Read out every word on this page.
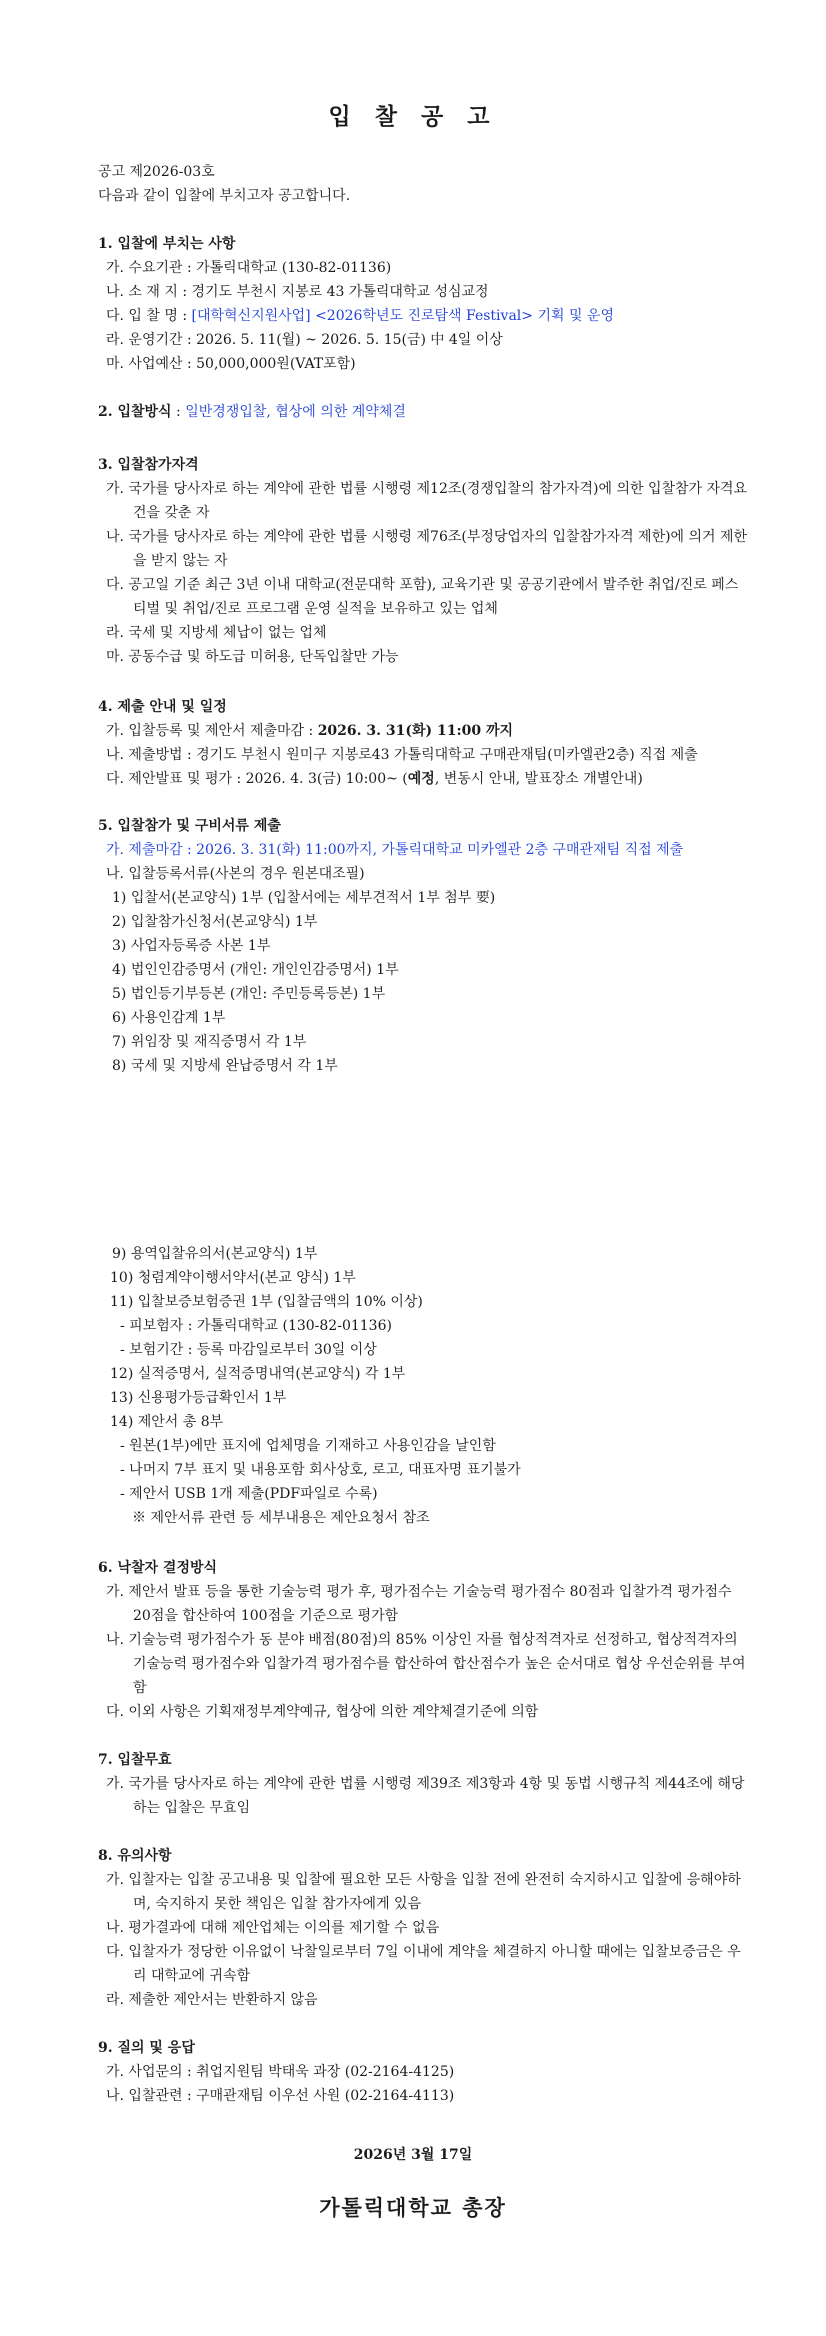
입 찰 공 고
공고 제2026-03호
다음과 같이 입찰에 부치고자 공고합니다.
1. 입찰에 부치는 사항
가. 수요기관 : 가톨릭대학교 (130-82-01136)
나. 소 재 지 : 경기도 부천시 지봉로 43 가톨릭대학교 성심교정
다. 입 찰 명 : [대학혁신지원사업] <2026학년도 진로탐색 Festival> 기획 및 운영
라. 운영기간 : 2026. 5. 11(월) ~ 2026. 5. 15(금) 中 4일 이상
마. 사업예산 : 50,000,000원(VAT포함)
2. 입찰방식 : 일반경쟁입찰, 협상에 의한 계약체결
3. 입찰참가자격
가. 국가를 당사자로 하는 계약에 관한 법률 시행령 제12조(경쟁입찰의 참가자격)에 의한 입찰참가 자격요건을 갖춘 자
나. 국가를 당사자로 하는 계약에 관한 법률 시행령 제76조(부정당업자의 입찰참가자격 제한)에 의거 제한을 받지 않는 자
다. 공고일 기준 최근 3년 이내 대학교(전문대학 포함), 교육기관 및 공공기관에서 발주한 취업/진로 페스티벌 및 취업/진로 프로그램 운영 실적을 보유하고 있는 업체
라. 국세 및 지방세 체납이 없는 업체
마. 공동수급 및 하도급 미허용, 단독입찰만 가능
4. 제출 안내 및 일정
가. 입찰등록 및 제안서 제출마감 : 2026. 3. 31(화) 11:00 까지
나. 제출방법 : 경기도 부천시 원미구 지봉로43 가톨릭대학교 구매관재팀(미카엘관2층) 직접 제출
다. 제안발표 및 평가 : 2026. 4. 3(금) 10:00~ (예정, 변동시 안내, 발표장소 개별안내)
5. 입찰참가 및 구비서류 제출
가. 제출마감 : 2026. 3. 31(화) 11:00까지, 가톨릭대학교 미카엘관 2층 구매관재팀 직접 제출
나. 입찰등록서류(사본의 경우 원본대조필)
1) 입찰서(본교양식) 1부 (입찰서에는 세부견적서 1부 첨부 要)
2) 입찰참가신청서(본교양식) 1부
3) 사업자등록증 사본 1부
4) 법인인감증명서 (개인: 개인인감증명서) 1부
5) 법인등기부등본 (개인: 주민등록등본) 1부
6) 사용인감계 1부
7) 위임장 및 재직증명서 각 1부
8) 국세 및 지방세 완납증명서 각 1부
9) 용역입찰유의서(본교양식) 1부
10) 청렴계약이행서약서(본교 양식) 1부
11) 입찰보증보험증권 1부 (입찰금액의 10% 이상)
- 피보험자 : 가톨릭대학교 (130-82-01136)
- 보험기간 : 등록 마감일로부터 30일 이상
12) 실적증명서, 실적증명내역(본교양식) 각 1부
13) 신용평가등급확인서 1부
14) 제안서 총 8부
- 원본(1부)에만 표지에 업체명을 기재하고 사용인감을 날인함
- 나머지 7부 표지 및 내용포함 회사상호, 로고, 대표자명 표기불가
- 제안서 USB 1개 제출(PDF파일로 수록)
※ 제안서류 관련 등 세부내용은 제안요청서 참조
6. 낙찰자 결정방식
가. 제안서 발표 등을 통한 기술능력 평가 후, 평가점수는 기술능력 평가점수 80점과 입찰가격 평가점수 20점을 합산하여 100점을 기준으로 평가함
나. 기술능력 평가점수가 동 분야 배점(80점)의 85% 이상인 자를 협상적격자로 선정하고, 협상적격자의 기술능력 평가점수와 입찰가격 평가점수를 합산하여 합산점수가 높은 순서대로 협상 우선순위를 부여함
다. 이외 사항은 기획재정부계약예규, 협상에 의한 계약체결기준에 의함
7. 입찰무효
가. 국가를 당사자로 하는 계약에 관한 법률 시행령 제39조 제3항과 4항 및 동법 시행규칙 제44조에 해당하는 입찰은 무효임
8. 유의사항
가. 입찰자는 입찰 공고내용 및 입찰에 필요한 모든 사항을 입찰 전에 완전히 숙지하시고 입찰에 응해야하며, 숙지하지 못한 책임은 입찰 참가자에게 있음
나. 평가결과에 대해 제안업체는 이의를 제기할 수 없음
다. 입찰자가 정당한 이유없이 낙찰일로부터 7일 이내에 계약을 체결하지 아니할 때에는 입찰보증금은 우리 대학교에 귀속함
라. 제출한 제안서는 반환하지 않음
9. 질의 및 응답
가. 사업문의 : 취업지원팀 박태욱 과장 (02-2164-4125)
나. 입찰관련 : 구매관재팀 이우선 사원 (02-2164-4113)
2026년 3월 17일
가톨릭대학교 총장
